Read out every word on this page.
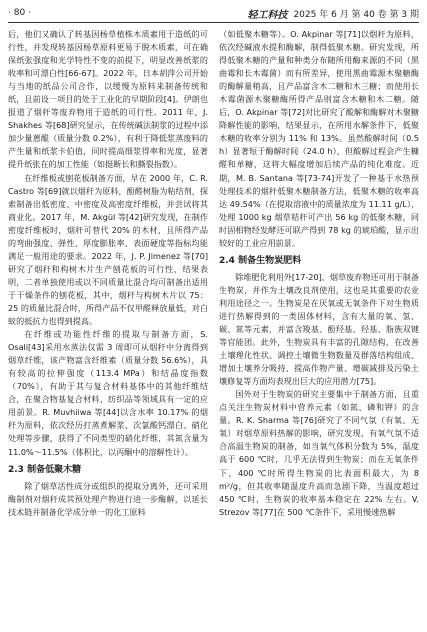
· 80 ·	轻工科技 2025 年 6 月 第 40 卷 第 3 期

后，他们又确认了转基因杨草植株木质素用于造纸的可行性，并发现转基因杨草原料更易于脱木质素，可在确保纸张强度和光学特性不变的前提下，明显改善纸浆的收率和可漂白性[66-67]。2022 年，日本胡萍公司开始与当地的纸品公司合作，以缓慢为原料来制备传统和纸，且前设一项目的处于工业化的早期阶段[4]。伊朗也报道了烟秆等废弃物用于造纸的可行性。2011 年，J. Shakhes 等[68]研究显示，在传统碱法制浆的过程中添加少量蒽醌（质量分数 0.2%），有利于降低浆蒸废料的产生量和纸浆卡伯值，同时提高细浆得率和光度，显著提升纸张在的加工性能（如挺断长和撕裂指数）。

在纤维板或刨花板制备方面，早在 2000 年，C. R. Castro 等[69]就以烟秆为原料，酚醛树脂为粘结剂，探索制备出低密度、中密度及高密度纤维板，并尝试将其商业化。2017 年，M. Akgül 等[42]研究发现，在制作密度纤维板时，烟秆可替代 20% 的木材，且所得产品的弯曲强度、弹性、厚度膨胀率、表面硬度等指标均能满足一般用途的要求。2022 年，J. P. Jimenez 等[70]研究了烟秆和构树木片生产刨花板的可行性，结果表明，二者单独使用或以不同质量比混合均可制备出适用于干燥条件的刨花板，其中，烟秆与构树木片以 75：25 的质量比混合时，所得产品不仅甲醛释放量低，对白蚁的抵抗力也得到提高。

在纤维或功能性纤维的提取与制备方面，S. Osali[43]采用水蒸法仅需 3 周即可从烟秆中分离得到烟草纤维，该产物富含纤维素（质量分数 56.6%），具有较高的拉伸强度（113.4 MPa）和结晶度指数（70%），有助于其与复合材料基体中的其他纤维结合，在聚合物基复合材料、纺织品等领域具有一定的应用前景。R. Muvhiiwa 等[44]以含水率 10.17% 的烟秆为原料，依次经历打蒸煮解浆、次氯酸钙漂白、硝化处理等步骤，获得了不同类型的硝化纤维，其氮含量为 11.0%～11.5%（体积比，以丙酮中的溶解性计）。

2.3 制备低聚木糖

除了烟草活性成分或组织的提取分离外，还可采用酶制剂对烟秆成其预处理产物进行进一步酶解，以延长技术链并制备化学成分单一的化工原料

（如低聚木糖等）。O. Akpinar 等[71]以烟秆为原料，依次经碱液水提和酶解，制得低聚木糖。研究发现，所得低聚木糖的产量和种类分布随所用酶来源的不同（黑曲霉和长木霉菌）而有所差异，使用黑曲霉源木聚糖酶的酶解量稍高，且产品富含木二糖和木三糖；而使用长木霉菌源木聚糖酶所得产品则富含木糖和木二糖。随后，O. Akpinar 等[72]对比研究了酸解和酶解对木聚糖降解性能的影响，结果显示，在所用水解条件下，低聚木糖的收率分别为 11% 和 13%。虽然酸解时间（0.5 h）显著短于酶解时间（24.0 h），但酸解过程会产生糠醛和单糖，这将大幅度增加后续产品的纯化难度。近期，M. B. Santana 等[73-74]开发了一种基于水热预处理技术的烟秆低聚木糖制备方法，低聚木糖的收率高达 49.54%（在提取溶液中的质量浓度为 11.11 g/L），处理 1000 kg 烟草秸秆可产出 56 kg 的低聚木糖，同时固相物经发酵还可联产得到 78 kg 的琥珀酸，显示出较好的工业应用前景。

2.4 制备生物炭肥料

除堆肥化利用外[17-20]，烟草废弃物还可用于制备生物炭，并作为土壤改良剂使用，这也是其重要的农业利用途径之一。生物炭是在厌氧或无氧条件下对生物质进行热解得到的一类固体材料，含有大量的氧、氢、碳、氮等元素，并富含羧基、酚羟基、羟基、脂族双键等官能团。此外，生物炭具有丰富的孔隙结构，在改善土壤理化性状、调控土壤微生物数量及群落结构组成、增加土壤养分吸持、提高作物产量、增碳减排及污染土壤修复等方面均表现出巨大的应用潜力[75]。

国外对于生物炭的研究主要集中于制备方面，且重点关注生物炭材料中营养元素（如氮、磷和钾）的含量。R. K. Sharma 等[76]研究了不同气氛（有氧、无氧）对烟草原料热解的影响，研究发现，有氧气氛不适合高温生物炭的制备，如当氧气体积分数为 5%，温度高于 600 ℃时，几乎无法得到生物炭；而在无氧条件下，400 ℃时所得生物炭的比表面积最大，为 8 m²/g，但其收率随温度升高而急剧下降，当温度超过 450 ℃时，生物炭的收率基本稳定在 22% 左右。V. Strezov 等[77]在 500 ℃条件下，采用慢速热解
